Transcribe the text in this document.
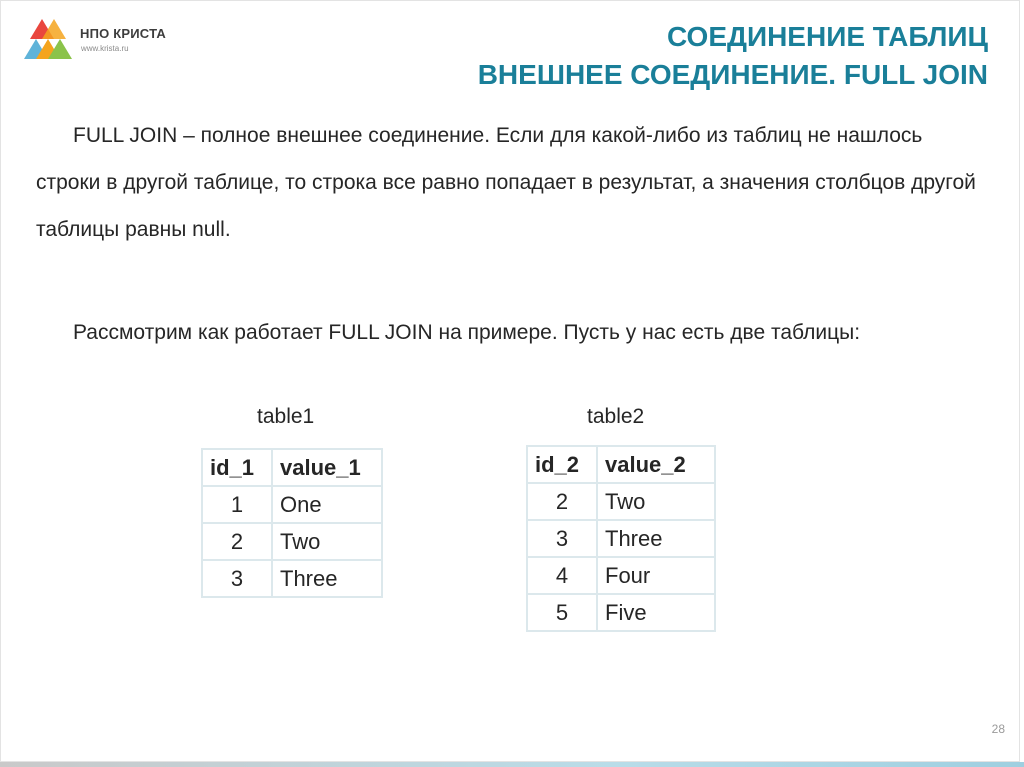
НПО КРИСТА
www.krista.ru	СОЕДИНЕНИЕ ТАБЛИЦ
ВНЕШНЕЕ СОЕДИНЕНИЕ. FULL JOIN

FULL JOIN – полное внешнее соединение. Если для какой-либо из таблиц не нашлось строки в другой таблице, то строка все равно попадает в результат, а значения столбцов другой таблицы равны null.

Рассмотрим как работает FULL JOIN на примере. Пусть у нас есть две таблицы:

table1	table2
id_1	value_1
1	One
2	Two
3	Three
id_2	value_2
2	Two
3	Three
4	Four
5	Five
28
